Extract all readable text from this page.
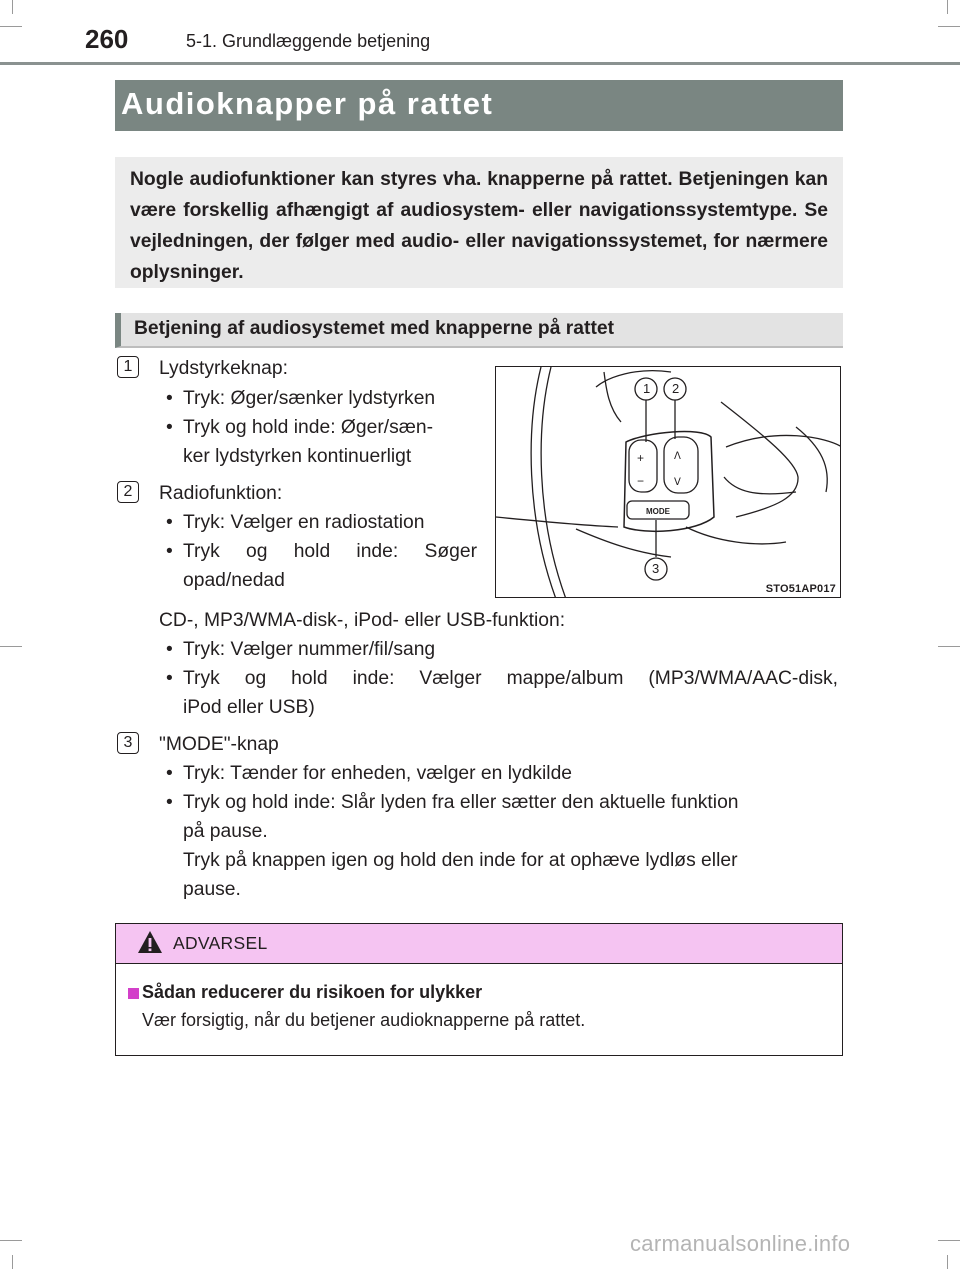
260	5-1. Grundlæggende betjening
Audioknapper på rattet
Nogle audiofunktioner kan styres vha. knapperne på rattet. Betjeningen kan være forskellig afhængigt af audiosystem- eller navigationssystemtype. Se vejledningen, der følger med audio- eller navigationssystemet, for nærmere oplysninger.
Betjening af audiosystemet med knapperne på rattet
1	Lydstyrkeknap:
• Tryk: Øger/sænker lydstyrken
• Tryk og hold inde: Øger/sæn-
ker lydstyrken kontinuerligt
2	Radiofunktion:
• Tryk: Vælger en radiostation
• Tryk og hold inde: Søger
opad/nedad
CD-, MP3/WMA-disk-, iPod- eller USB-funktion:
• Tryk: Vælger nummer/fil/sang
• Tryk og hold inde: Vælger mappe/album (MP3/WMA/AAC-disk,
iPod eller USB)
3	"MODE"-knap
• Tryk: Tænder for enheden, vælger en lydkilde
• Tryk og hold inde: Slår lyden fra eller sætter den aktuelle funktion
på pause.
Tryk på knappen igen og hold den inde for at ophæve lydløs eller
pause.
+
−
ᐱ
ᐯ
1 2
3
MODE
STO51AP017
ADVARSEL
Sådan reducerer du risikoen for ulykker
Vær forsigtig, når du betjener audioknapperne på rattet.
carmanualsonline.info
